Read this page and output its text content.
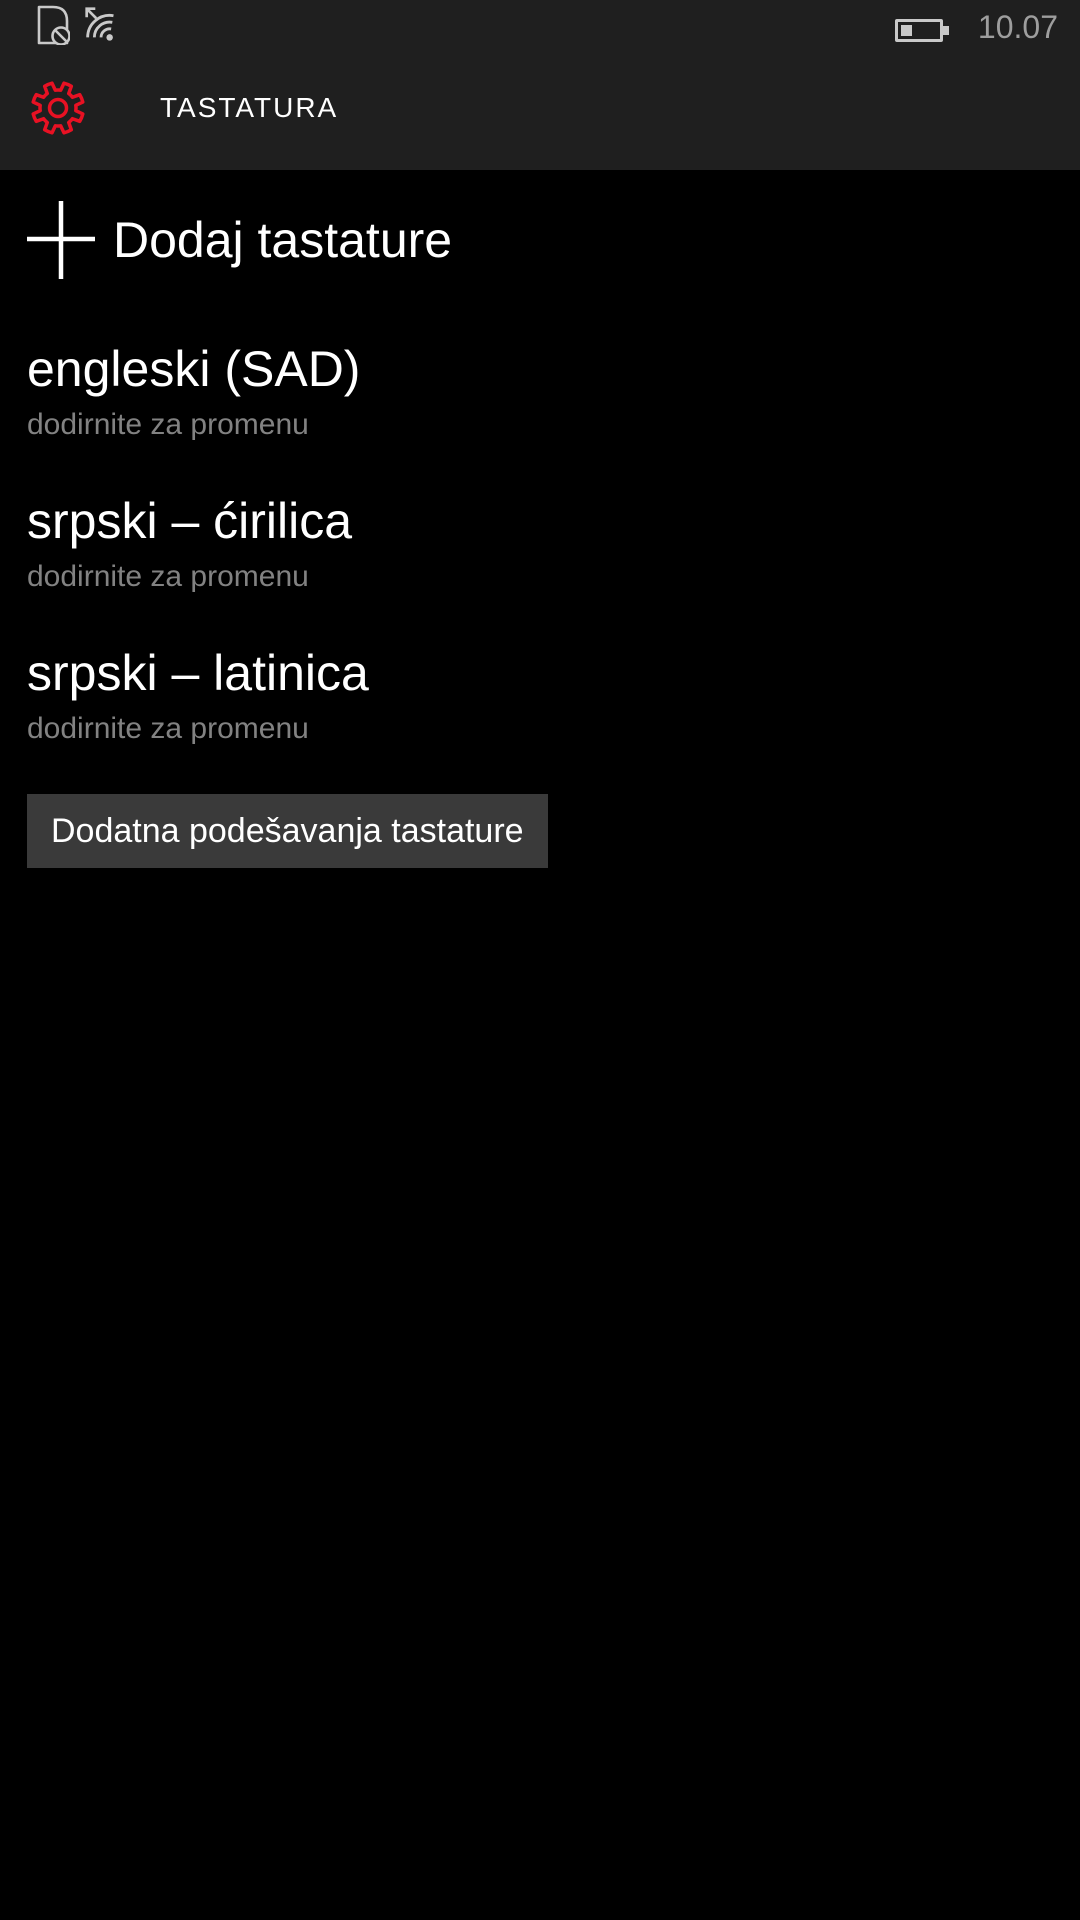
10.07
TASTATURA
Dodaj tastature
engleski (SAD)
dodirnite za promenu
srpski – ćirilica
dodirnite za promenu
srpski – latinica
dodirnite za promenu
Dodatna podešavanja tastature
